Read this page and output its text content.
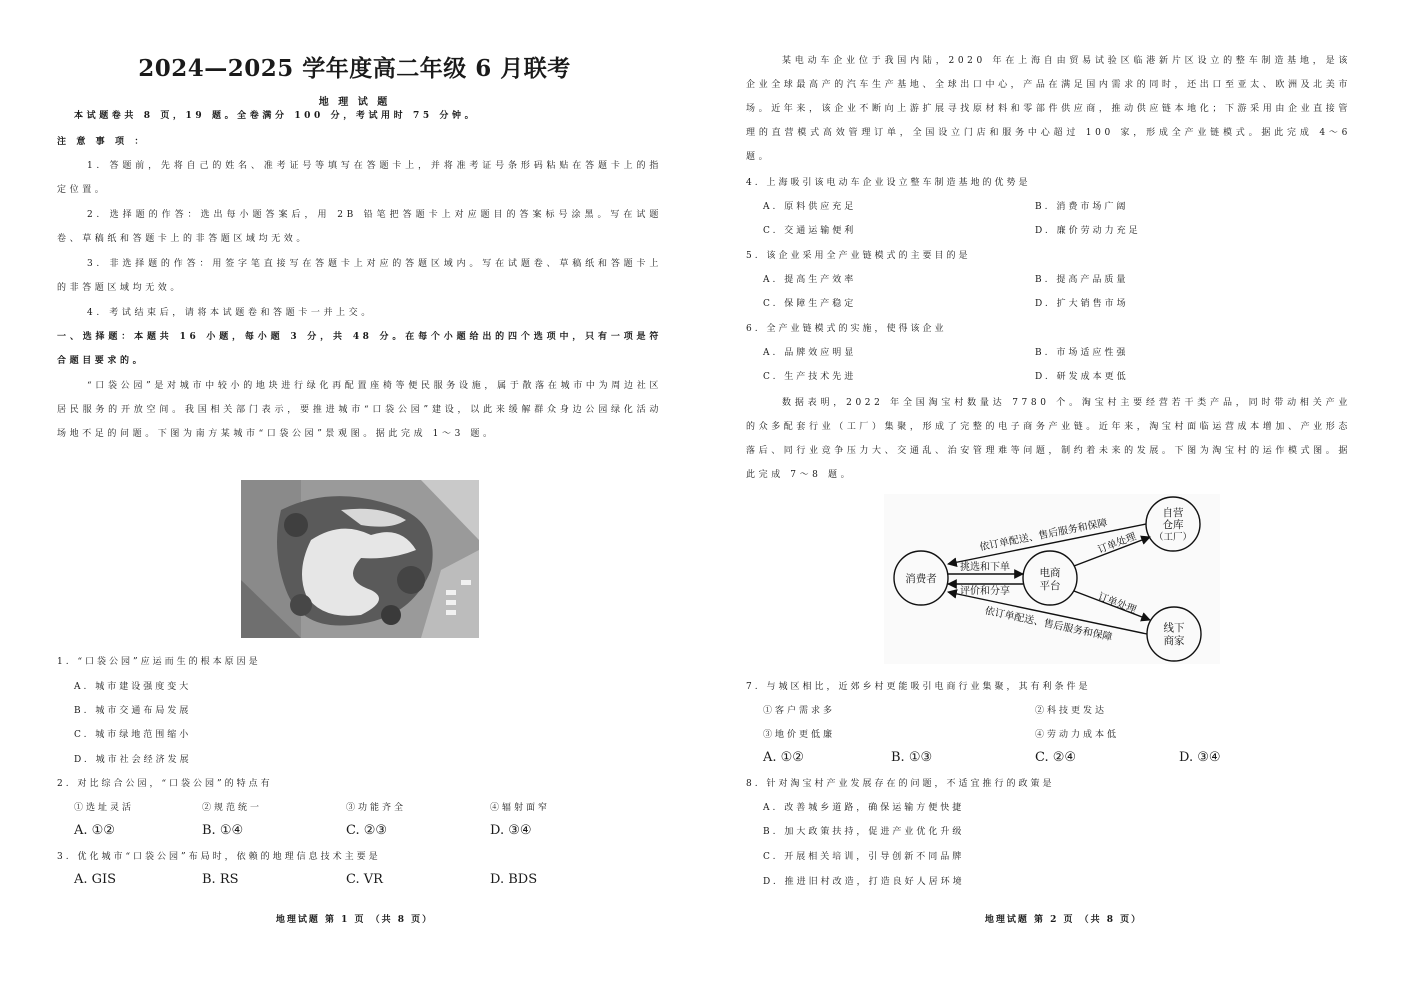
2024—2025 学年度高二年级 6 月联考
地 理 试 题
本试题卷共 8 页，19 题。全卷满分 100 分，考试用时 75 分钟。
注 意 事 项 ：
1. 答题前，先将自己的姓名、准考证号等填写在答题卡上，并将准考证号条形码粘贴在答题卡上的指定位置。
2. 选择题的作答：选出每小题答案后，用 2B 铅笔把答题卡上对应题目的答案标号涂黑。写在试题卷、草稿纸和答题卡上的非答题区域均无效。
3. 非选择题的作答：用签字笔直接写在答题卡上对应的答题区域内。写在试题卷、草稿纸和答题卡上的非答题区域均无效。
4. 考试结束后，请将本试题卷和答题卡一并上交。
一、选择题：本题共 16 小题，每小题 3 分，共 48 分。在每个小题给出的四个选项中，只有一项是符合题目要求的。
“口袋公园”是对城市中较小的地块进行绿化再配置座椅等便民服务设施，属于散落在城市中为周边社区居民服务的开放空间。我国相关部门表示，要推进城市“口袋公园”建设，以此来缓解群众身边公园绿化活动场地不足的问题。下图为南方某城市“口袋公园”景观图。据此完成 1～3 题。
1. “口袋公园”应运而生的根本原因是
A. 城市建设强度变大
B. 城市交通布局发展
C. 城市绿地范围缩小
D. 城市社会经济发展
2. 对比综合公园，“口袋公园”的特点有
①选址灵活	②规范统一	③功能齐全	④辐射面窄
A. ①②	B. ①④	C. ②③	D. ③④
3. 优化城市“口袋公园”布局时，依赖的地理信息技术主要是
A. GIS	B. RS	C. VR	D. BDS
地理试题 第 1 页 （共 8 页）
某电动车企业位于我国内陆，2020 年在上海自由贸易试验区临港新片区设立的整车制造基地，是该企业全球最高产的汽车生产基地、全球出口中心，产品在满足国内需求的同时，还出口至亚太、欧洲及北美市场。近年来，该企业不断向上游扩展寻找原材料和零部件供应商，推动供应链本地化；下游采用由企业直接管理的直营模式高效管理订单，全国设立门店和服务中心超过 100 家，形成全产业链模式。据此完成 4～6 题。
4. 上海吸引该电动车企业设立整车制造基地的优势是
A. 原料供应充足	B. 消费市场广阔
C. 交通运输便利	D. 廉价劳动力充足
5. 该企业采用全产业链模式的主要目的是
A. 提高生产效率	B. 提高产品质量
C. 保障生产稳定	D. 扩大销售市场
6. 全产业链模式的实施，使得该企业
A. 品牌效应明显	B. 市场适应性强
C. 生产技术先进	D. 研发成本更低
数据表明，2022 年全国淘宝村数量达 7780 个。淘宝村主要经营若干类产品，同时带动相关产业的众多配套行业（工厂）集聚，形成了完整的电子商务产业链。近年来，淘宝村面临运营成本增加、产业形态落后、同行业竞争压力大、交通乱、治安管理难等问题，制约着未来的发展。下图为淘宝村的运作模式图。据此完成 7～8 题。
地理试题 第 2 页 （共 8 页）
消费者	电商
平台
自营
仓库
（工厂）
线下
商家
依订单配送、售后服务和保障
挑选和下单
评价和分享
订单处理
订单处理
依订单配送、售后服务和保障
7. 与城区相比，近郊乡村更能吸引电商行业集聚，其有利条件是
①客户需求多	②科技更发达
③地价更低廉	④劳动力成本低
A. ①②	B. ①③	C. ②④	D. ③④
8. 针对淘宝村产业发展存在的问题，不适宜推行的政策是
A. 改善城乡道路，确保运输方便快捷
B. 加大政策扶持，促进产业优化升级
C. 开展相关培训，引导创新不同品牌
D. 推进旧村改造，打造良好人居环境
